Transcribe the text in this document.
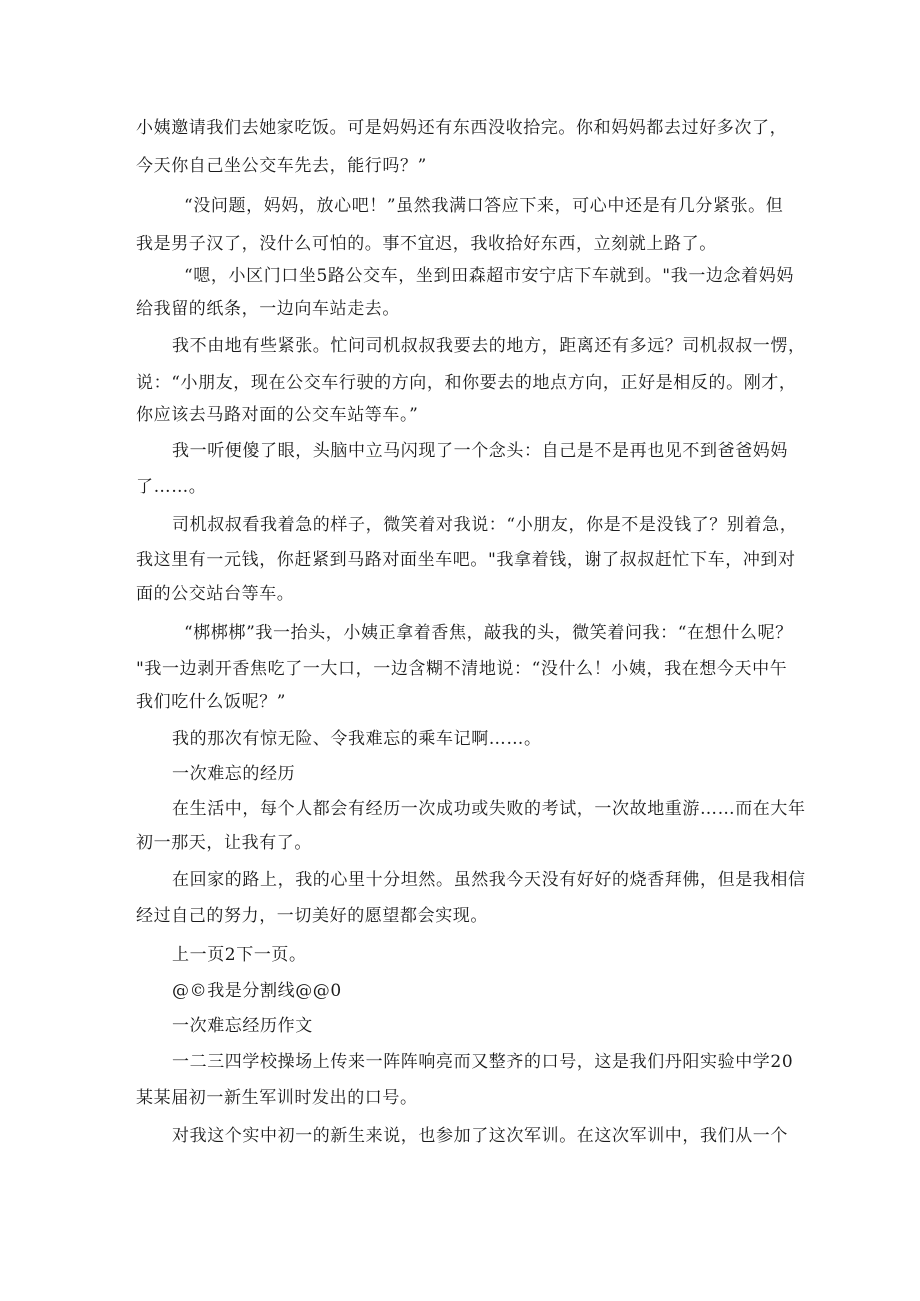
小姨邀请我们去她家吃饭。可是妈妈还有东西没收拾完。你和妈妈都去过好多次了，
今天你自己坐公交车先去，能行吗？”
“没问题，妈妈，放心吧！”虽然我满口答应下来，可心中还是有几分紧张。但
我是男子汉了，没什么可怕的。事不宜迟，我收拾好东西，立刻就上路了。
“嗯，小区门口坐5路公交车，坐到田森超市安宁店下车就到。"我一边念着妈妈
给我留的纸条，一边向车站走去。
我不由地有些紧张。忙问司机叔叔我要去的地方，距离还有多远？司机叔叔一愣，
说：“小朋友，现在公交车行驶的方向，和你要去的地点方向，正好是相反的。刚才，
你应该去马路对面的公交车站等车。”
我一听便傻了眼，头脑中立马闪现了一个念头：自己是不是再也见不到爸爸妈妈
了……。
司机叔叔看我着急的样子，微笑着对我说：“小朋友，你是不是没钱了？别着急，
我这里有一元钱，你赶紧到马路对面坐车吧。"我拿着钱，谢了叔叔赶忙下车，冲到对
面的公交站台等车。
“梆梆梆”我一抬头，小姨正拿着香焦，敲我的头，微笑着问我：“在想什么呢？
"我一边剥开香焦吃了一大口，一边含糊不清地说：“没什么！小姨，我在想今天中午
我们吃什么饭呢？”
我的那次有惊无险、令我难忘的乘车记啊……。
一次难忘的经历
在生活中，每个人都会有经历一次成功或失败的考试，一次故地重游……而在大年
初一那天，让我有了。
在回家的路上，我的心里十分坦然。虽然我今天没有好好的烧香拜佛，但是我相信
经过自己的努力，一切美好的愿望都会实现。
上一页2下一页。
@©我是分割线@@0
一次难忘经历作文
一二三四学校操场上传来一阵阵响亮而又整齐的口号，这是我们丹阳实验中学20
某某届初一新生军训时发出的口号。
对我这个实中初一的新生来说，也参加了这次军训。在这次军训中，我们从一个
